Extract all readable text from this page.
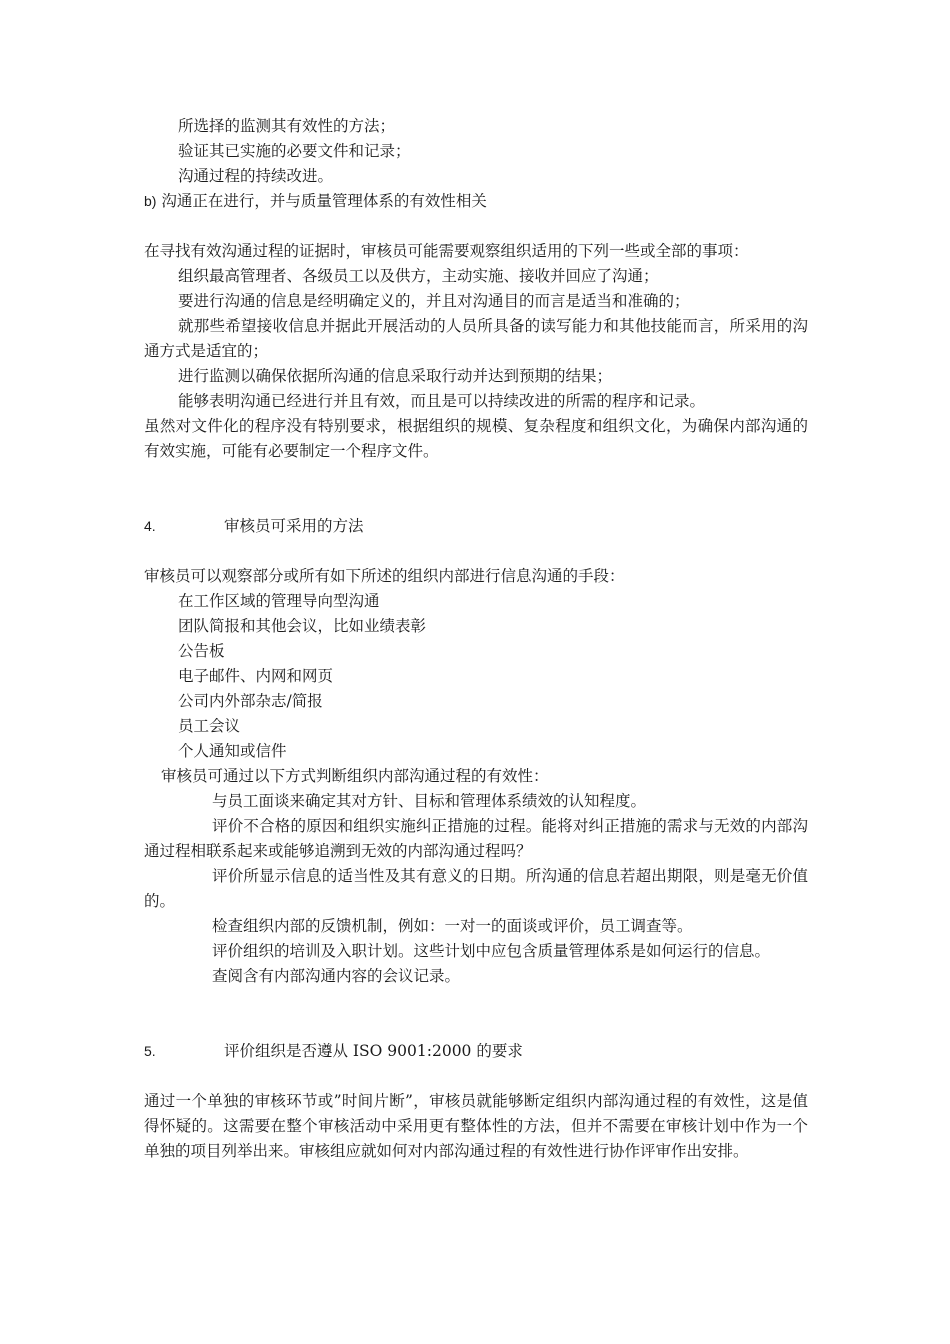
所选择的监测其有效性的方法；

验证其已实施的必要文件和记录；

沟通过程的持续改进。

b) 沟通正在进行，并与质量管理体系的有效性相关

在寻找有效沟通过程的证据时，审核员可能需要观察组织适用的下列一些或全部的事项：

组织最高管理者、各级员工以及供方，主动实施、接收并回应了沟通；

要进行沟通的信息是经明确定义的，并且对沟通目的而言是适当和准确的；

就那些希望接收信息并据此开展活动的人员所具备的读写能力和其他技能而言，所采用的沟通方式是适宜的；

进行监测以确保依据所沟通的信息采取行动并达到预期的结果；

能够表明沟通已经进行并且有效，而且是可以持续改进的所需的程序和记录。

虽然对文件化的程序没有特别要求，根据组织的规模、复杂程度和组织文化，为确保内部沟通的有效实施，可能有必要制定一个程序文件。

4.	审核员可采用的方法

审核员可以观察部分或所有如下所述的组织内部进行信息沟通的手段：

在工作区域的管理导向型沟通

团队简报和其他会议，比如业绩表彰

公告板

电子邮件、内网和网页

公司内外部杂志/简报

员工会议

个人通知或信件

审核员可通过以下方式判断组织内部沟通过程的有效性：

与员工面谈来确定其对方针、目标和管理体系绩效的认知程度。

评价不合格的原因和组织实施纠正措施的过程。能将对纠正措施的需求与无效的内部沟通过程相联系起来或能够追溯到无效的内部沟通过程吗？

评价所显示信息的适当性及其有意义的日期。所沟通的信息若超出期限，则是毫无价值的。

检查组织内部的反馈机制，例如：一对一的面谈或评价，员工调查等。

评价组织的培训及入职计划。这些计划中应包含质量管理体系是如何运行的信息。

查阅含有内部沟通内容的会议记录。

5.	评价组织是否遵从 ISO 9001:2000 的要求

通过一个单独的审核环节或”时间片断”，审核员就能够断定组织内部沟通过程的有效性，这是值得怀疑的。这需要在整个审核活动中采用更有整体性的方法，但并不需要在审核计划中作为一个单独的项目列举出来。审核组应就如何对内部沟通过程的有效性进行协作评审作出安排。
